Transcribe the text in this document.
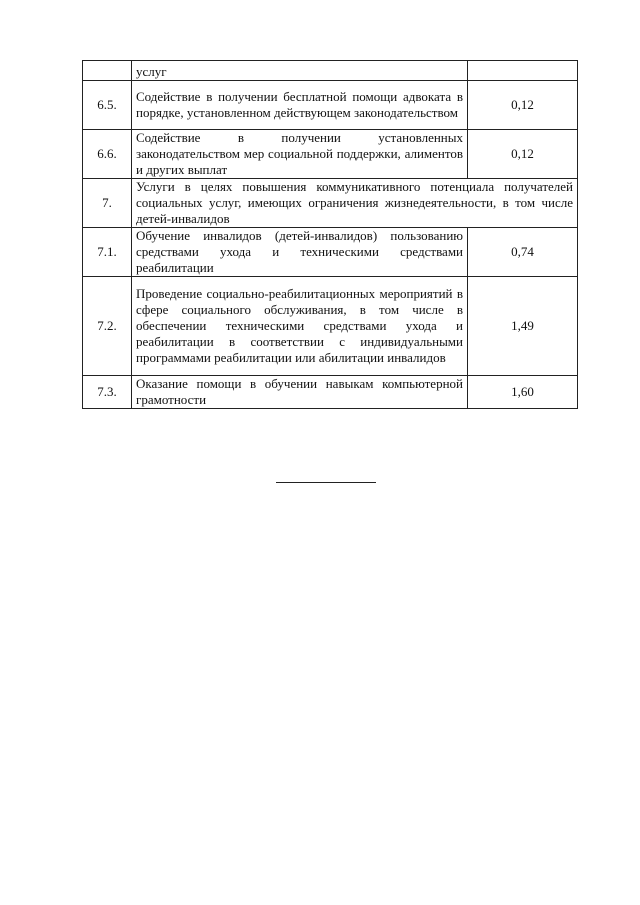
	услуг	

6.5.	Содействие в получении бесплатной помощи адвоката в порядке, установленном действующем законодательством	0,12
6.6.	Содействие в получении установленных законодательством мер социальной поддержки, алиментов и других выплат	0,12
7.	Услуги в целях повышения коммуникативного потенциала получателей социальных услуг, имеющих ограничения жизнедеятельности, в том числе детей-инвалидов	

7.1.	Обучение инвалидов (детей-инвалидов) пользованию средствами ухода и техническими средствами реабилитации	0,74
7.2.	Проведение социально-реабилитационных мероприятий в сфере социального обслуживания, в том числе в обеспечении техническими средствами ухода и реабилитации в соответствии с индивидуальными программами реабилитации или абилитации инвалидов	1,49
7.3.	Оказание помощи в обучении навыкам компьютерной грамотности	1,60
